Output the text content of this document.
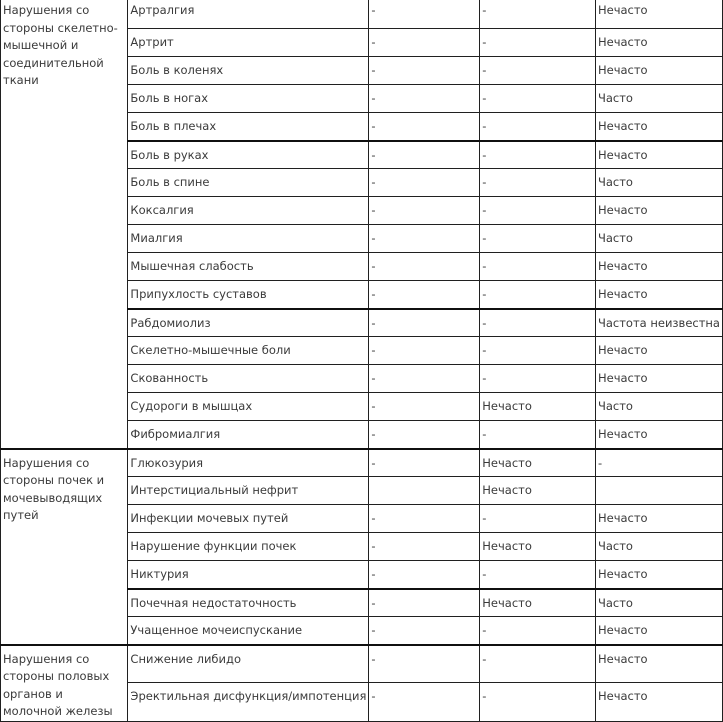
Нарушения со стороны скелетно-мышечной и соединительной ткани	Артралгия	-	-	Нечасто
	Артрит	-	-	Нечасто
	Боль в коленях	-	-	Нечасто
	Боль в ногах	-	-	Часто
	Боль в плечах	-	-	Нечасто
	Боль в руках	-	-	Нечасто
	Боль в спине	-	-	Часто
	Коксалгия	-	-	Нечасто
	Миалгия	-	-	Часто
	Мышечная слабость	-	-	Нечасто
	Припухлость суставов	-	-	Нечасто
	Рабдомиолиз	-	-	Частота неизвестна
	Скелетно-мышечные боли	-	-	Нечасто
	Скованность	-	-	Нечасто
	Судороги в мышцах	-	Нечасто	Часто
	Фибромиалгия	-	-	Нечасто
Нарушения со стороны почек и мочевыводящих путей	Глюкозурия	-	Нечасто	-
	Интерстициальный нефрит		Нечасто	
	Инфекции мочевых путей	-	-	Нечасто
	Нарушение функции почек	-	Нечасто	Часто
	Никтурия	-	-	Нечасто
	Почечная недостаточность	-	Нечасто	Часто
	Учащенное мочеиспускание	-	-	Нечасто
Нарушения со стороны половых органов и молочной железы	Снижение либидо	-	-	Нечасто
	Эректильная дисфункция/импотенция	-	-	Нечасто
